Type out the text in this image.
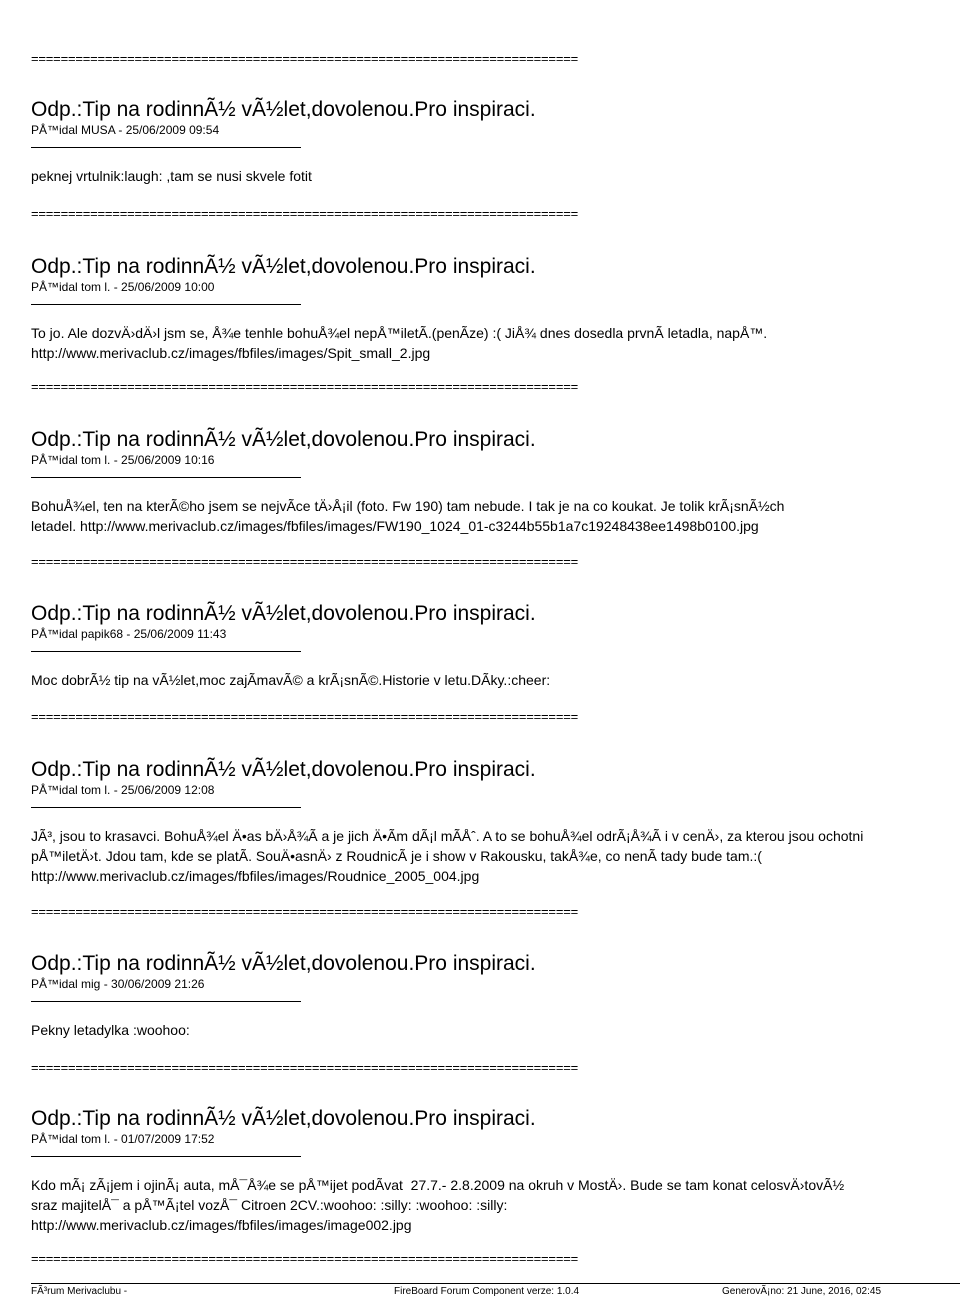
==========================================================================
Odp.:Tip na rodinnÃ½ vÃ½let,dovolenou.Pro inspiraci.
PÅ™idal MUSA - 25/06/2009 09:54
peknej vrtulnik:laugh: ,tam se nusi skvele fotit
==========================================================================
Odp.:Tip na rodinnÃ½ vÃ½let,dovolenou.Pro inspiraci.
PÅ™idal tom l. - 25/06/2009 10:00
To jo. Ale dozvÄ›dÄ›l jsm se, Å¾e tenhle bohuÅ¾el nepÅ™iletÃ.(penÃze) :( JiÅ¾ dnes dosedla prvnÃ letadla, napÅ™.
http://www.merivaclub.cz/images/fbfiles/images/Spit_small_2.jpg
==========================================================================
Odp.:Tip na rodinnÃ½ vÃ½let,dovolenou.Pro inspiraci.
PÅ™idal tom l. - 25/06/2009 10:16
BohuÅ¾el, ten na kterÃ©ho jsem se nejvÃce tÄ›Å¡il (foto. Fw 190) tam nebude. I tak je na co koukat. Je tolik krÃ¡snÃ½ch
letadel. http://www.merivaclub.cz/images/fbfiles/images/FW190_1024_01-c3244b55b1a7c19248438ee1498b0100.jpg
==========================================================================
Odp.:Tip na rodinnÃ½ vÃ½let,dovolenou.Pro inspiraci.
PÅ™idal papik68 - 25/06/2009 11:43
Moc dobrÃ½ tip na vÃ½let,moc zajÃmavÃ© a krÃ¡snÃ©.Historie v letu.DÃky.:cheer:
==========================================================================
Odp.:Tip na rodinnÃ½ vÃ½let,dovolenou.Pro inspiraci.
PÅ™idal tom l. - 25/06/2009 12:08
JÃ³, jsou to krasavci. BohuÅ¾el Ä•as bÄ›Å¾Ã a je jich Ä•Ãm dÃ¡l mÃÅˆ. A to se bohuÅ¾el odrÃ¡Å¾Ã i v cenÄ›, za kterou jsou ochotni
pÅ™iletÄ›t. Jdou tam, kde se platÃ. SouÄ•asnÄ› z RoudnicÃ je i show v Rakousku, takÅ¾e, co nenÃ tady bude tam.:(
http://www.merivaclub.cz/images/fbfiles/images/Roudnice_2005_004.jpg
==========================================================================
Odp.:Tip na rodinnÃ½ vÃ½let,dovolenou.Pro inspiraci.
PÅ™idal mig - 30/06/2009 21:26
Pekny letadylka :woohoo:
==========================================================================
Odp.:Tip na rodinnÃ½ vÃ½let,dovolenou.Pro inspiraci.
PÅ™idal tom l. - 01/07/2009 17:52
Kdo mÃ¡ zÃ¡jem i ojinÃ¡ auta, mÅ¯Å¾e se pÅ™ijet podÃvat  27.7.- 2.8.2009 na okruh v MostÄ›. Bude se tam konat celosvÄ›tovÃ½
sraz majitelÅ¯ a pÅ™Ã¡tel vozÅ¯ Citroen 2CV.:woohoo: :silly: :woohoo: :silly:
http://www.merivaclub.cz/images/fbfiles/images/image002.jpg
==========================================================================
FÃ³rum Merivaclubu -	FireBoard Forum Component verze: 1.0.4	GenerovÃ¡no: 21 June, 2016, 02:45
